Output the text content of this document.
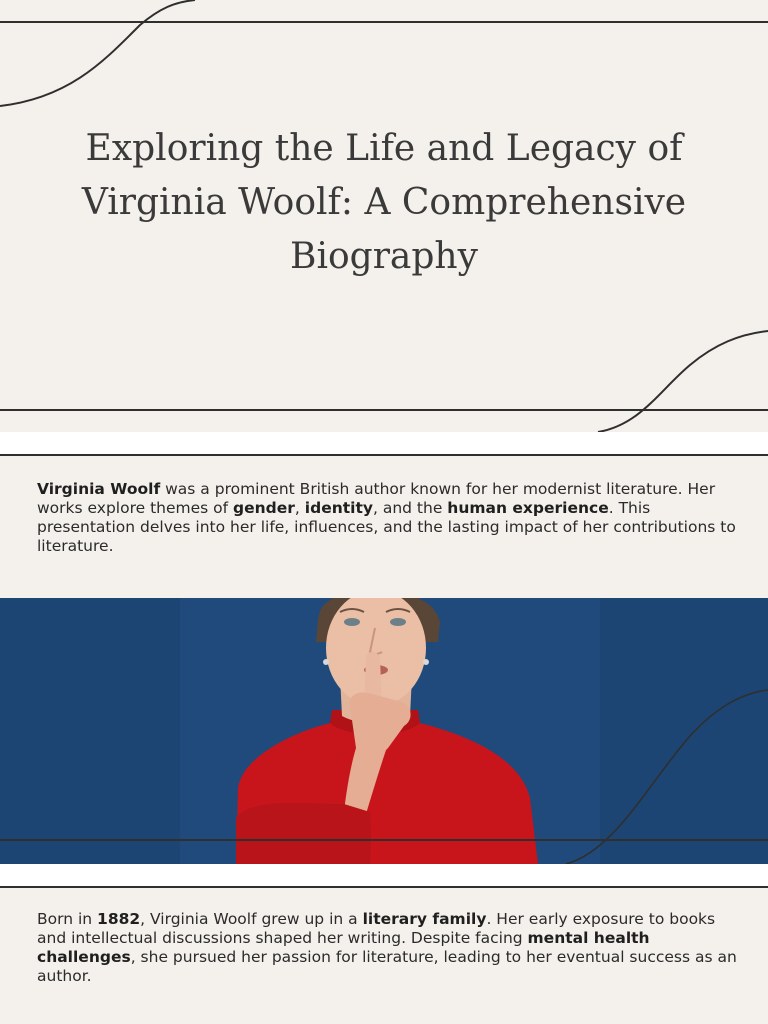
Exploring the Life and Legacy of Virginia Woolf: A Comprehensive Biography

Virginia Woolf was a prominent British author known for her modernist literature. Her works explore themes of gender, identity, and the human experience. This presentation delves into her life, influences, and the lasting impact of her contributions to literature.

Born in 1882, Virginia Woolf grew up in a literary family. Her early exposure to books and intellectual discussions shaped her writing. Despite facing mental health challenges, she pursued her passion for literature, leading to her eventual success as an author.
